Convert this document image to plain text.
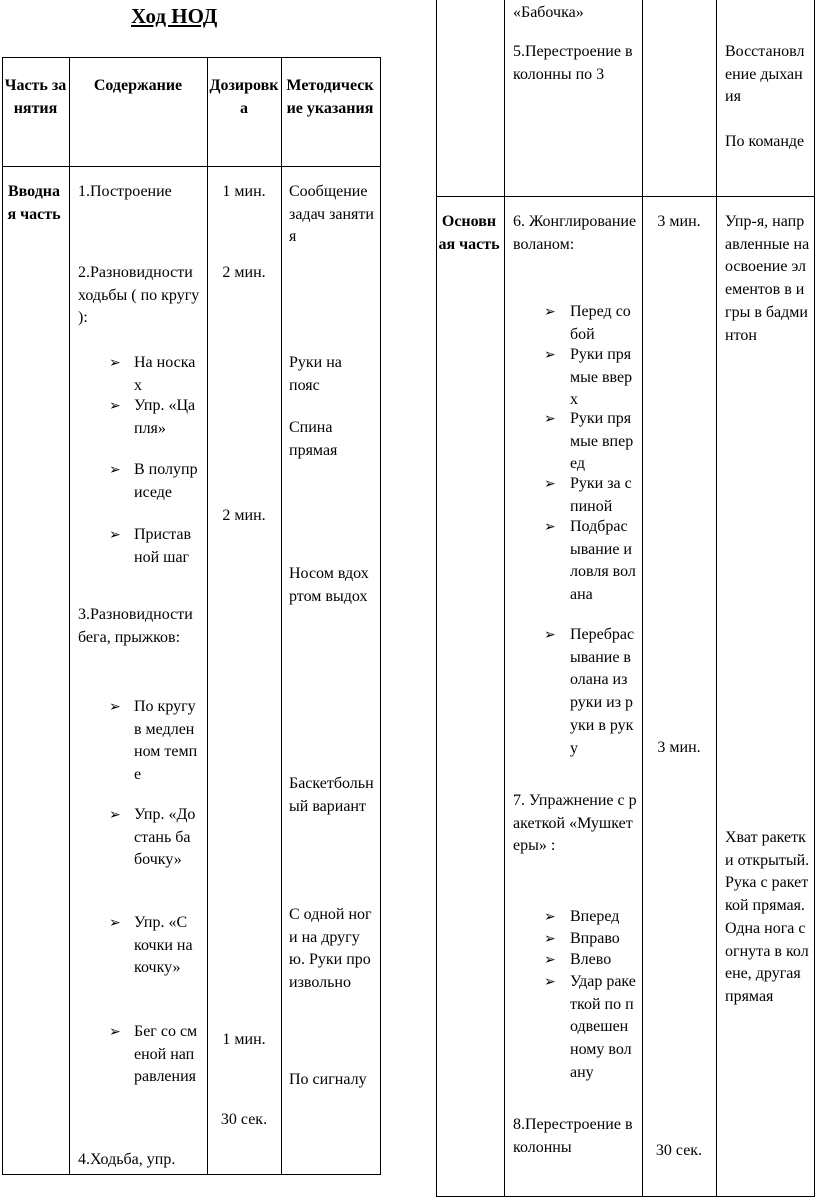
Ход НОД
Часть занятия
Содержание	Дозировка
Методические указания
Вводная часть
1.Построение
2.Разновидности ходьбы ( по кругу ):
➢ На носках
➢ Упр. «Цапля»
➢ В полуприседе
➢ Приставной шаг
3.Разновидности бега, прыжков:
➢ По кругу в медленном темпе
➢ Упр. «Достань бабочку»
➢ Упр. «С кочки на кочку»
➢ Бег со сменой направления
4.Ходьба, упр.
1 мин.
2 мин.
2 мин.
1 мин.
30 сек.
Сообщение задач занятия
Руки на пояс
Спина прямая
Носом вдох ртом выдох
Баскетбольный вариант
С одной ноги на другую. Руки произвольно
По сигналу
«Бабочка»
5.Перестроение в колонны по 3
Восстановление дыхания
По команде
Основная часть
6. Жонглирование воланом:
➢ Перед собой
➢ Руки прямые вверх
➢ Руки прямые вперед
➢ Руки за спиной
➢ Подбрасывание и ловля волана
➢ Перебрасывание волана из руки из руки в руку
7. Упражнение с ракеткой «Мушкетеры» :
➢ Вперед
➢ Вправо
➢ Влево
➢ Удар ракеткой по подвешенному волану
8.Перестроение в колонны
3 мин.
3 мин.
30 сек.
Упр-я, направленные на освоение элементов в игры в бадминтон
Хват ракетки открытый. Рука с ракеткой прямая. Одна нога согнута в колене, другая прямая
